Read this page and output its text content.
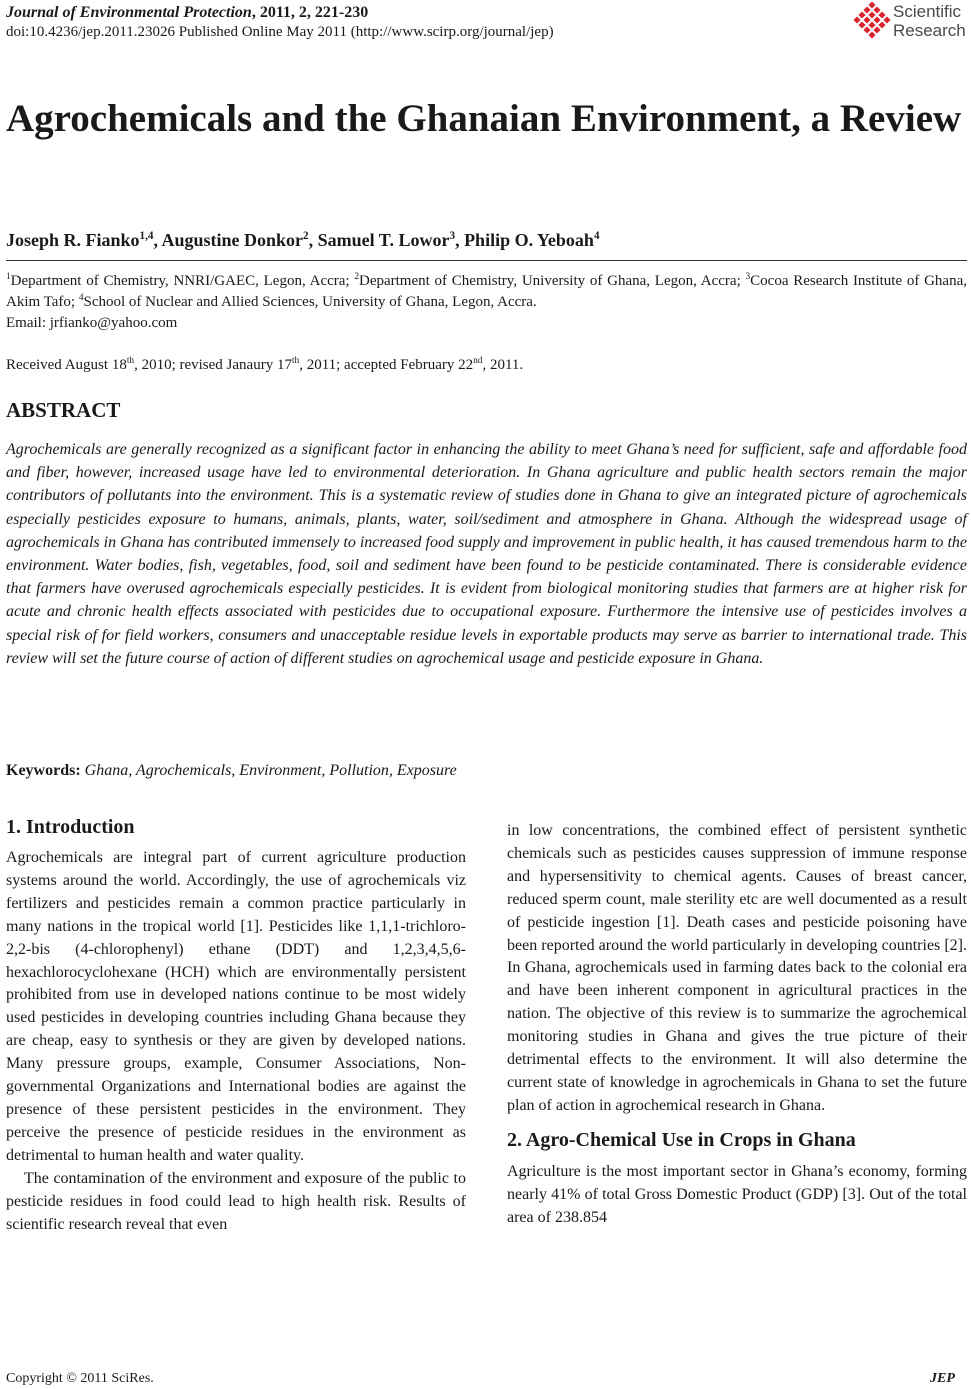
Journal of Environmental Protection, 2011, 2, 221-230
doi:10.4236/jep.2011.23026 Published Online May 2011 (http://www.scirp.org/journal/jep)
Scientific
Research
Agrochemicals and the Ghanaian Environment, a Review
Joseph R. Fianko$^{1,4}$, Augustine Donkor$^2$, Samuel T. Lowor$^3$, Philip O. Yeboah$^4$
$^1$Department of Chemistry, NNRI/GAEC, Legon, Accra; $^2$Department of Chemistry, University of Ghana, Legon, Accra; $^3$Cocoa Research Institute of Ghana, Akim Tafo; $^4$School of Nuclear and Allied Sciences, University of Ghana, Legon, Accra.
Email: jrfianko@yahoo.com
Received August 18th, 2010; revised Janaury 17th, 2011; accepted February 22nd, 2011.
ABSTRACT
Agrochemicals are generally recognized as a significant factor in enhancing the ability to meet Ghana’s need for sufficient, safe and affordable food and fiber, however, increased usage have led to environmental deterioration. In Ghana agriculture and public health sectors remain the major contributors of pollutants into the environment. This is a systematic review of studies done in Ghana to give an integrated picture of agrochemicals especially pesticides exposure to humans, animals, plants, water, soil/sediment and atmosphere in Ghana. Although the widespread usage of agrochemicals in Ghana has contributed immensely to increased food supply and improvement in public health, it has caused tremendous harm to the environment. Water bodies, fish, vegetables, food, soil and sediment have been found to be pesticide contaminated. There is considerable evidence that farmers have overused agrochemicals especially pesticides. It is evident from biological monitoring studies that farmers are at higher risk for acute and chronic health effects associated with pesticides due to occupational exposure. Furthermore the intensive use of pesticides involves a special risk of for field workers, consumers and unacceptable residue levels in exportable products may serve as barrier to international trade. This review will set the future course of action of different studies on agrochemical usage and pesticide exposure in Ghana.
Keywords: Ghana, Agrochemicals, Environment, Pollution, Exposure
1. Introduction

Agrochemicals are integral part of current agriculture production systems around the world. Accordingly, the use of agrochemicals viz fertilizers and pesticides remain a common practice particularly in many nations in the tropical world [1]. Pesticides like 1,1,1-trichloro-2,2-bis (4-chlorophenyl) ethane (DDT) and 1,2,3,4,5,6-hexachlorocyclohexane (HCH) which are environmentally persistent prohibited from use in developed nations continue to be most widely used pesticides in developing countries including Ghana because they are cheap, easy to synthesis or they are given by developed nations. Many pressure groups, example, Consumer Associations, Non-governmental Organizations and International bodies are against the presence of these persistent pesticides in the environment. They perceive the presence of pesticide residues in the environment as detrimental to human health and water quality.

The contamination of the environment and exposure of the public to pesticide residues in food could lead to high health risk. Results of scientific research reveal that even

in low concentrations, the combined effect of persistent synthetic chemicals such as pesticides causes suppression of immune response and hypersensitivity to chemical agents. Causes of breast cancer, reduced sperm count, male sterility etc are well documented as a result of pesticide ingestion [1]. Death cases and pesticide poisoning have been reported around the world particularly in developing countries [2]. In Ghana, agrochemicals used in farming dates back to the colonial era and have been inherent component in agricultural practices in the nation. The objective of this review is to summarize the agrochemical monitoring studies in Ghana and gives the true picture of their detrimental effects to the environment. It will also determine the current state of knowledge in agrochemicals in Ghana to set the future plan of action in agrochemical research in Ghana.

2. Agro-Chemical Use in Crops in Ghana

Agriculture is the most important sector in Ghana’s economy, forming nearly 41% of total Gross Domestic Product (GDP) [3]. Out of the total area of 238.854

Copyright © 2011 SciRes.	JEP
